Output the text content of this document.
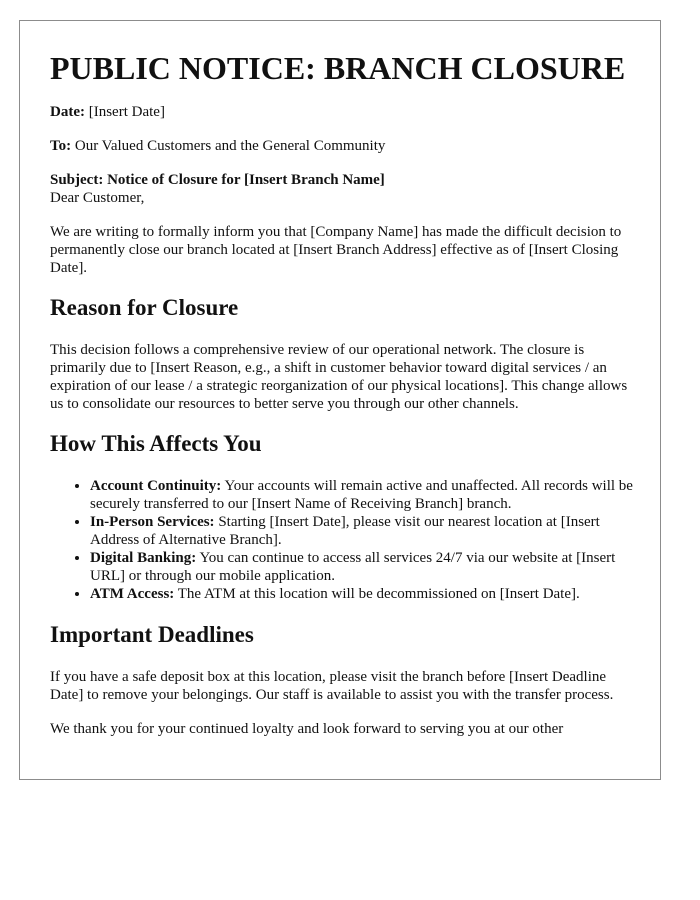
PUBLIC NOTICE: BRANCH CLOSURE

Date: [Insert Date]

To: Our Valued Customers and the General Community

Subject: Notice of Closure for [Insert Branch Name]

Dear Customer,

We are writing to formally inform you that [Company Name] has made the difficult decision to permanently close our branch located at [Insert Branch Address] effective as of [Insert Closing Date].

Reason for Closure

This decision follows a comprehensive review of our operational network. The closure is primarily due to [Insert Reason, e.g., a shift in customer behavior toward digital services / an expiration of our lease / a strategic reorganization of our physical locations]. This change allows us to consolidate our resources to better serve you through our other channels.

How This Affects You
• Account Continuity: Your accounts will remain active and unaffected. All records will be securely transferred to our [Insert Name of Receiving Branch] branch.
• In-Person Services: Starting [Insert Date], please visit our nearest location at [Insert Address of Alternative Branch].
• Digital Banking: You can continue to access all services 24/7 via our website at [Insert URL] or through our mobile application.
• ATM Access: The ATM at this location will be decommissioned on [Insert Date].
Important Deadlines

If you have a safe deposit box at this location, please visit the branch before [Insert Deadline Date] to remove your belongings. Our staff is available to assist you with the transfer process.

We thank you for your continued loyalty and look forward to serving you at our other
